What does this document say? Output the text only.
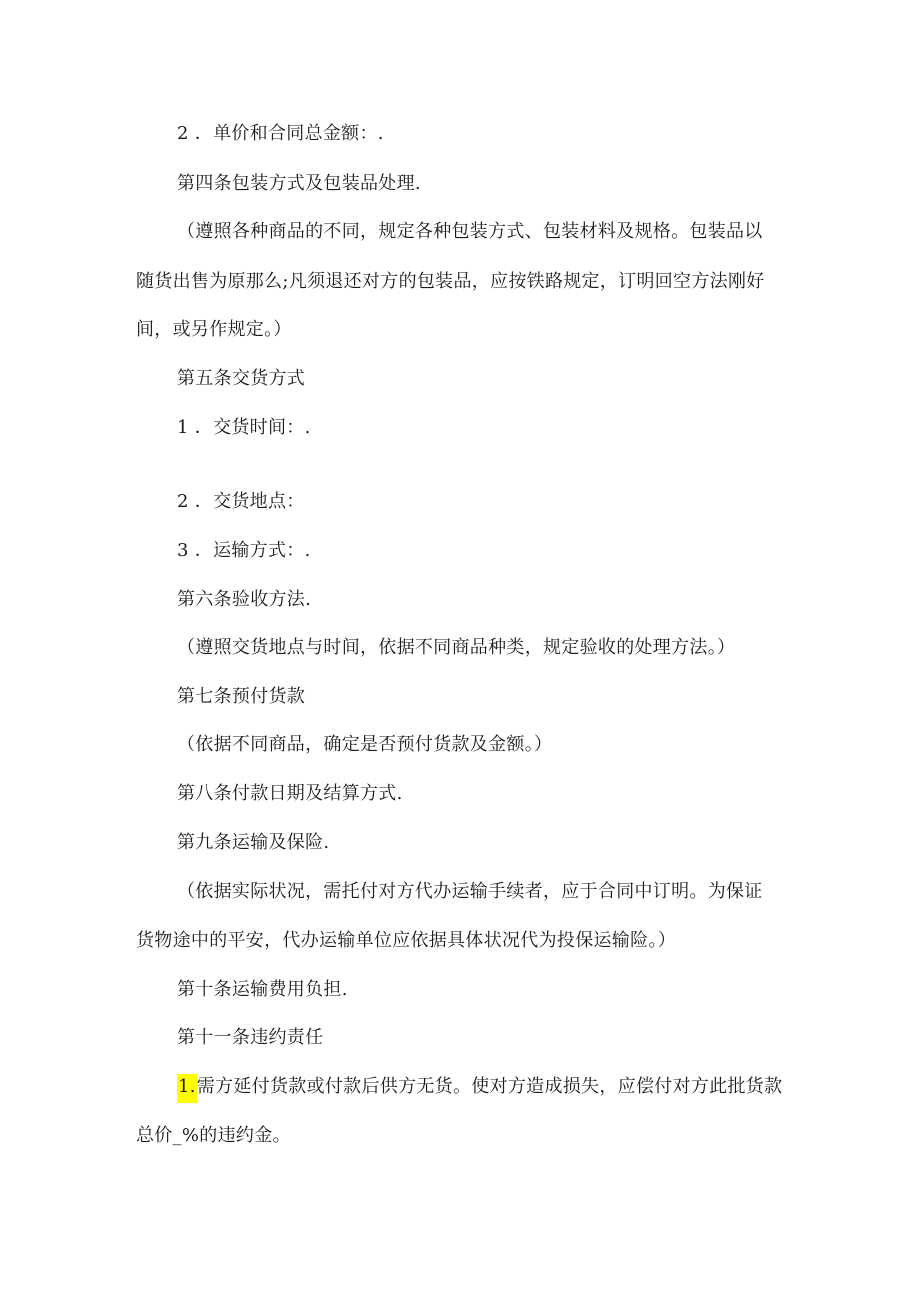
2 ．单价和合同总金额：.
第四条包装方式及包装品处理.
（遵照各种商品的不同，规定各种包装方式、包装材料及规格。包装品以
随货出售为原那么;凡须退还对方的包装品，应按铁路规定，订明回空方法刚好
间，或另作规定。）
第五条交货方式
1 ．交货时间：.
2 ．交货地点：
3 ．运输方式：.
第六条验收方法.
（遵照交货地点与时间，依据不同商品种类，规定验收的处理方法。）
第七条预付货款
（依据不同商品，确定是否预付货款及金额。）
第八条付款日期及结算方式.
第九条运输及保险.
（依据实际状况，需托付对方代办运输手续者，应于合同中订明。为保证
货物途中的平安，代办运输单位应依据具体状况代为投保运输险。）
第十条运输费用负担.
第十一条违约责任
1.需方延付货款或付款后供方无货。使对方造成损失，应偿付对方此批货款
总价_%的违约金。
